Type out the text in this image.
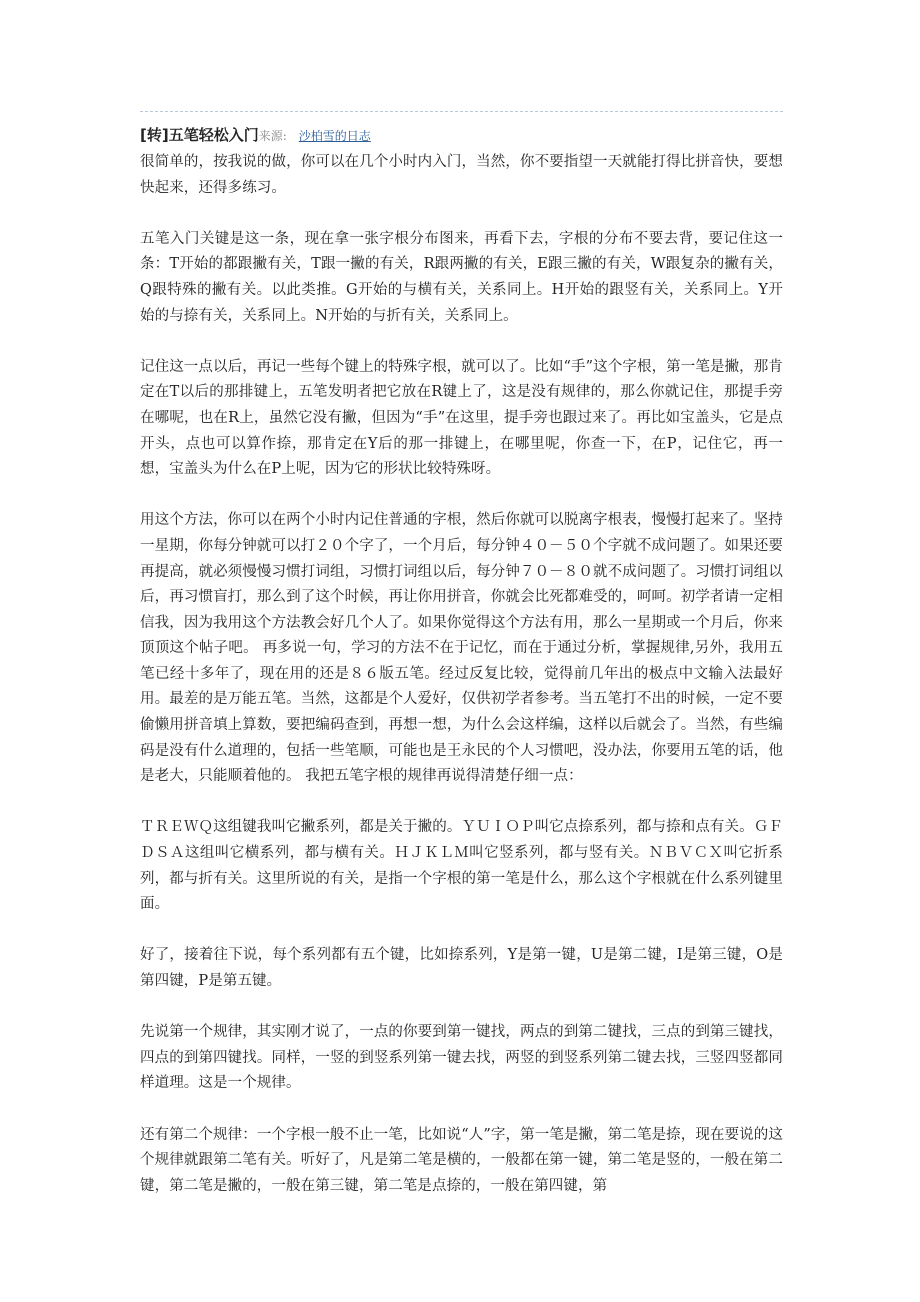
[转]五笔轻松入门来源: 沙柏雪的日志

很简单的，按我说的做，你可以在几个小时内入门，当然，你不要指望一天就能打得比拼音快，要想快起来，还得多练习。

五笔入门关键是这一条，现在拿一张字根分布图来，再看下去，字根的分布不要去背，要记住这一条：T开始的都跟撇有关，T跟一撇的有关，R跟两撇的有关，E跟三撇的有关，W跟复杂的撇有关，Q跟特殊的撇有关。以此类推。G开始的与横有关，关系同上。H开始的跟竖有关，关系同上。Y开始的与捺有关，关系同上。N开始的与折有关，关系同上。

记住这一点以后，再记一些每个键上的特殊字根，就可以了。比如“手”这个字根，第一笔是撇，那肯定在T以后的那排键上，五笔发明者把它放在R键上了，这是没有规律的，那么你就记住，那提手旁在哪呢，也在R上，虽然它没有撇，但因为“手”在这里，提手旁也跟过来了。再比如宝盖头，它是点开头，点也可以算作捺，那肯定在Y后的那一排键上，在哪里呢，你查一下，在P，记住它，再一想，宝盖头为什么在P上呢，因为它的形状比较特殊呀。

用这个方法，你可以在两个小时内记住普通的字根，然后你就可以脱离字根表，慢慢打起来了。坚持一星期，你每分钟就可以打２０个字了，一个月后，每分钟４０－５０个字就不成问题了。如果还要再提高，就必须慢慢习惯打词组，习惯打词组以后，每分钟７０－８０就不成问题了。习惯打词组以后，再习惯盲打，那么到了这个时候，再让你用拼音，你就会比死都难受的，呵呵。初学者请一定相信我，因为我用这个方法教会好几个人了。如果你觉得这个方法有用，那么一星期或一个月后，你来顶顶这个帖子吧。 再多说一句，学习的方法不在于记忆，而在于通过分析，掌握规律,另外，我用五笔已经十多年了，现在用的还是８６版五笔。经过反复比较，觉得前几年出的极点中文输入法最好用。最差的是万能五笔。当然，这都是个人爱好，仅供初学者参考。当五笔打不出的时候，一定不要偷懒用拼音填上算数，要把编码查到，再想一想，为什么会这样编，这样以后就会了。当然，有些编码是没有什么道理的，包括一些笔顺，可能也是王永民的个人习惯吧，没办法，你要用五笔的话，他是老大，只能顺着他的。 我把五笔字根的规律再说得清楚仔细一点：

ＴＲＥＷＱ这组键我叫它撇系列，都是关于撇的。ＹＵＩＯＰ叫它点捺系列，都与捺和点有关。ＧＦＤＳＡ这组叫它横系列，都与横有关。ＨＪＫＬＭ叫它竖系列，都与竖有关。ＮＢＶＣＸ叫它折系列，都与折有关。这里所说的有关，是指一个字根的第一笔是什么，那么这个字根就在什么系列键里面。

好了，接着往下说，每个系列都有五个键，比如捺系列，Y是第一键，U是第二键，I是第三键，O是第四键，P是第五键。

先说第一个规律，其实刚才说了，一点的你要到第一键找，两点的到第二键找，三点的到第三键找，四点的到第四键找。同样，一竖的到竖系列第一键去找，两竖的到竖系列第二键去找，三竖四竖都同样道理。这是一个规律。

还有第二个规律：一个字根一般不止一笔，比如说“人”字，第一笔是撇，第二笔是捺，现在要说的这个规律就跟第二笔有关。听好了，凡是第二笔是横的，一般都在第一键，第二笔是竖的，一般在第二键，第二笔是撇的，一般在第三键，第二笔是点捺的，一般在第四键，第
